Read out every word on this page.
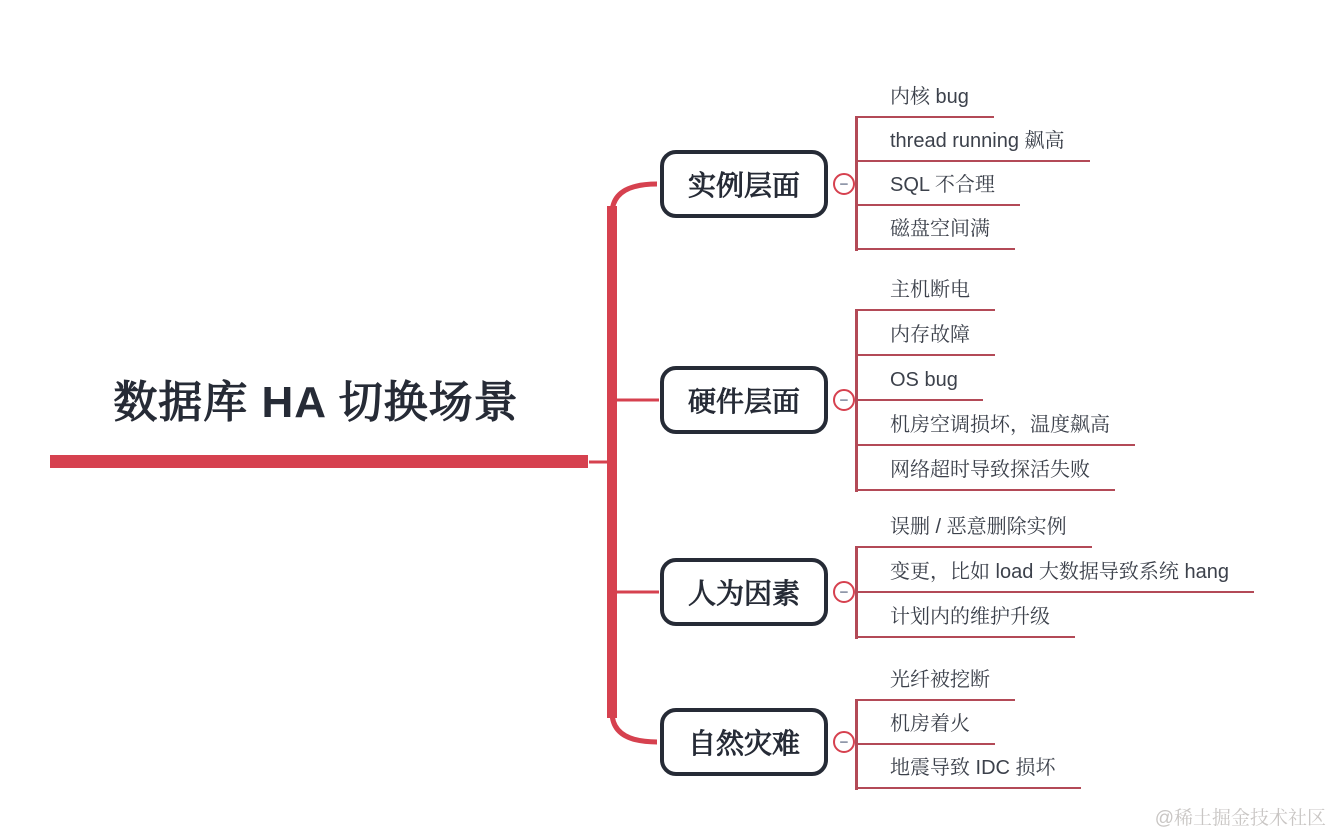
数据库 HA 切换场景
实例层面	−
内核 bug
thread running 飙高
SQL 不合理
磁盘空间满
硬件层面	−
主机断电
内存故障
OS bug
机房空调损坏，温度飙高
网络超时导致探活失败
人为因素	−
误删 / 恶意删除实例
变更，比如 load 大数据导致系统 hang
计划内的维护升级
自然灾难	−
光纤被挖断
机房着火
地震导致 IDC 损坏
@稀土掘金技术社区
